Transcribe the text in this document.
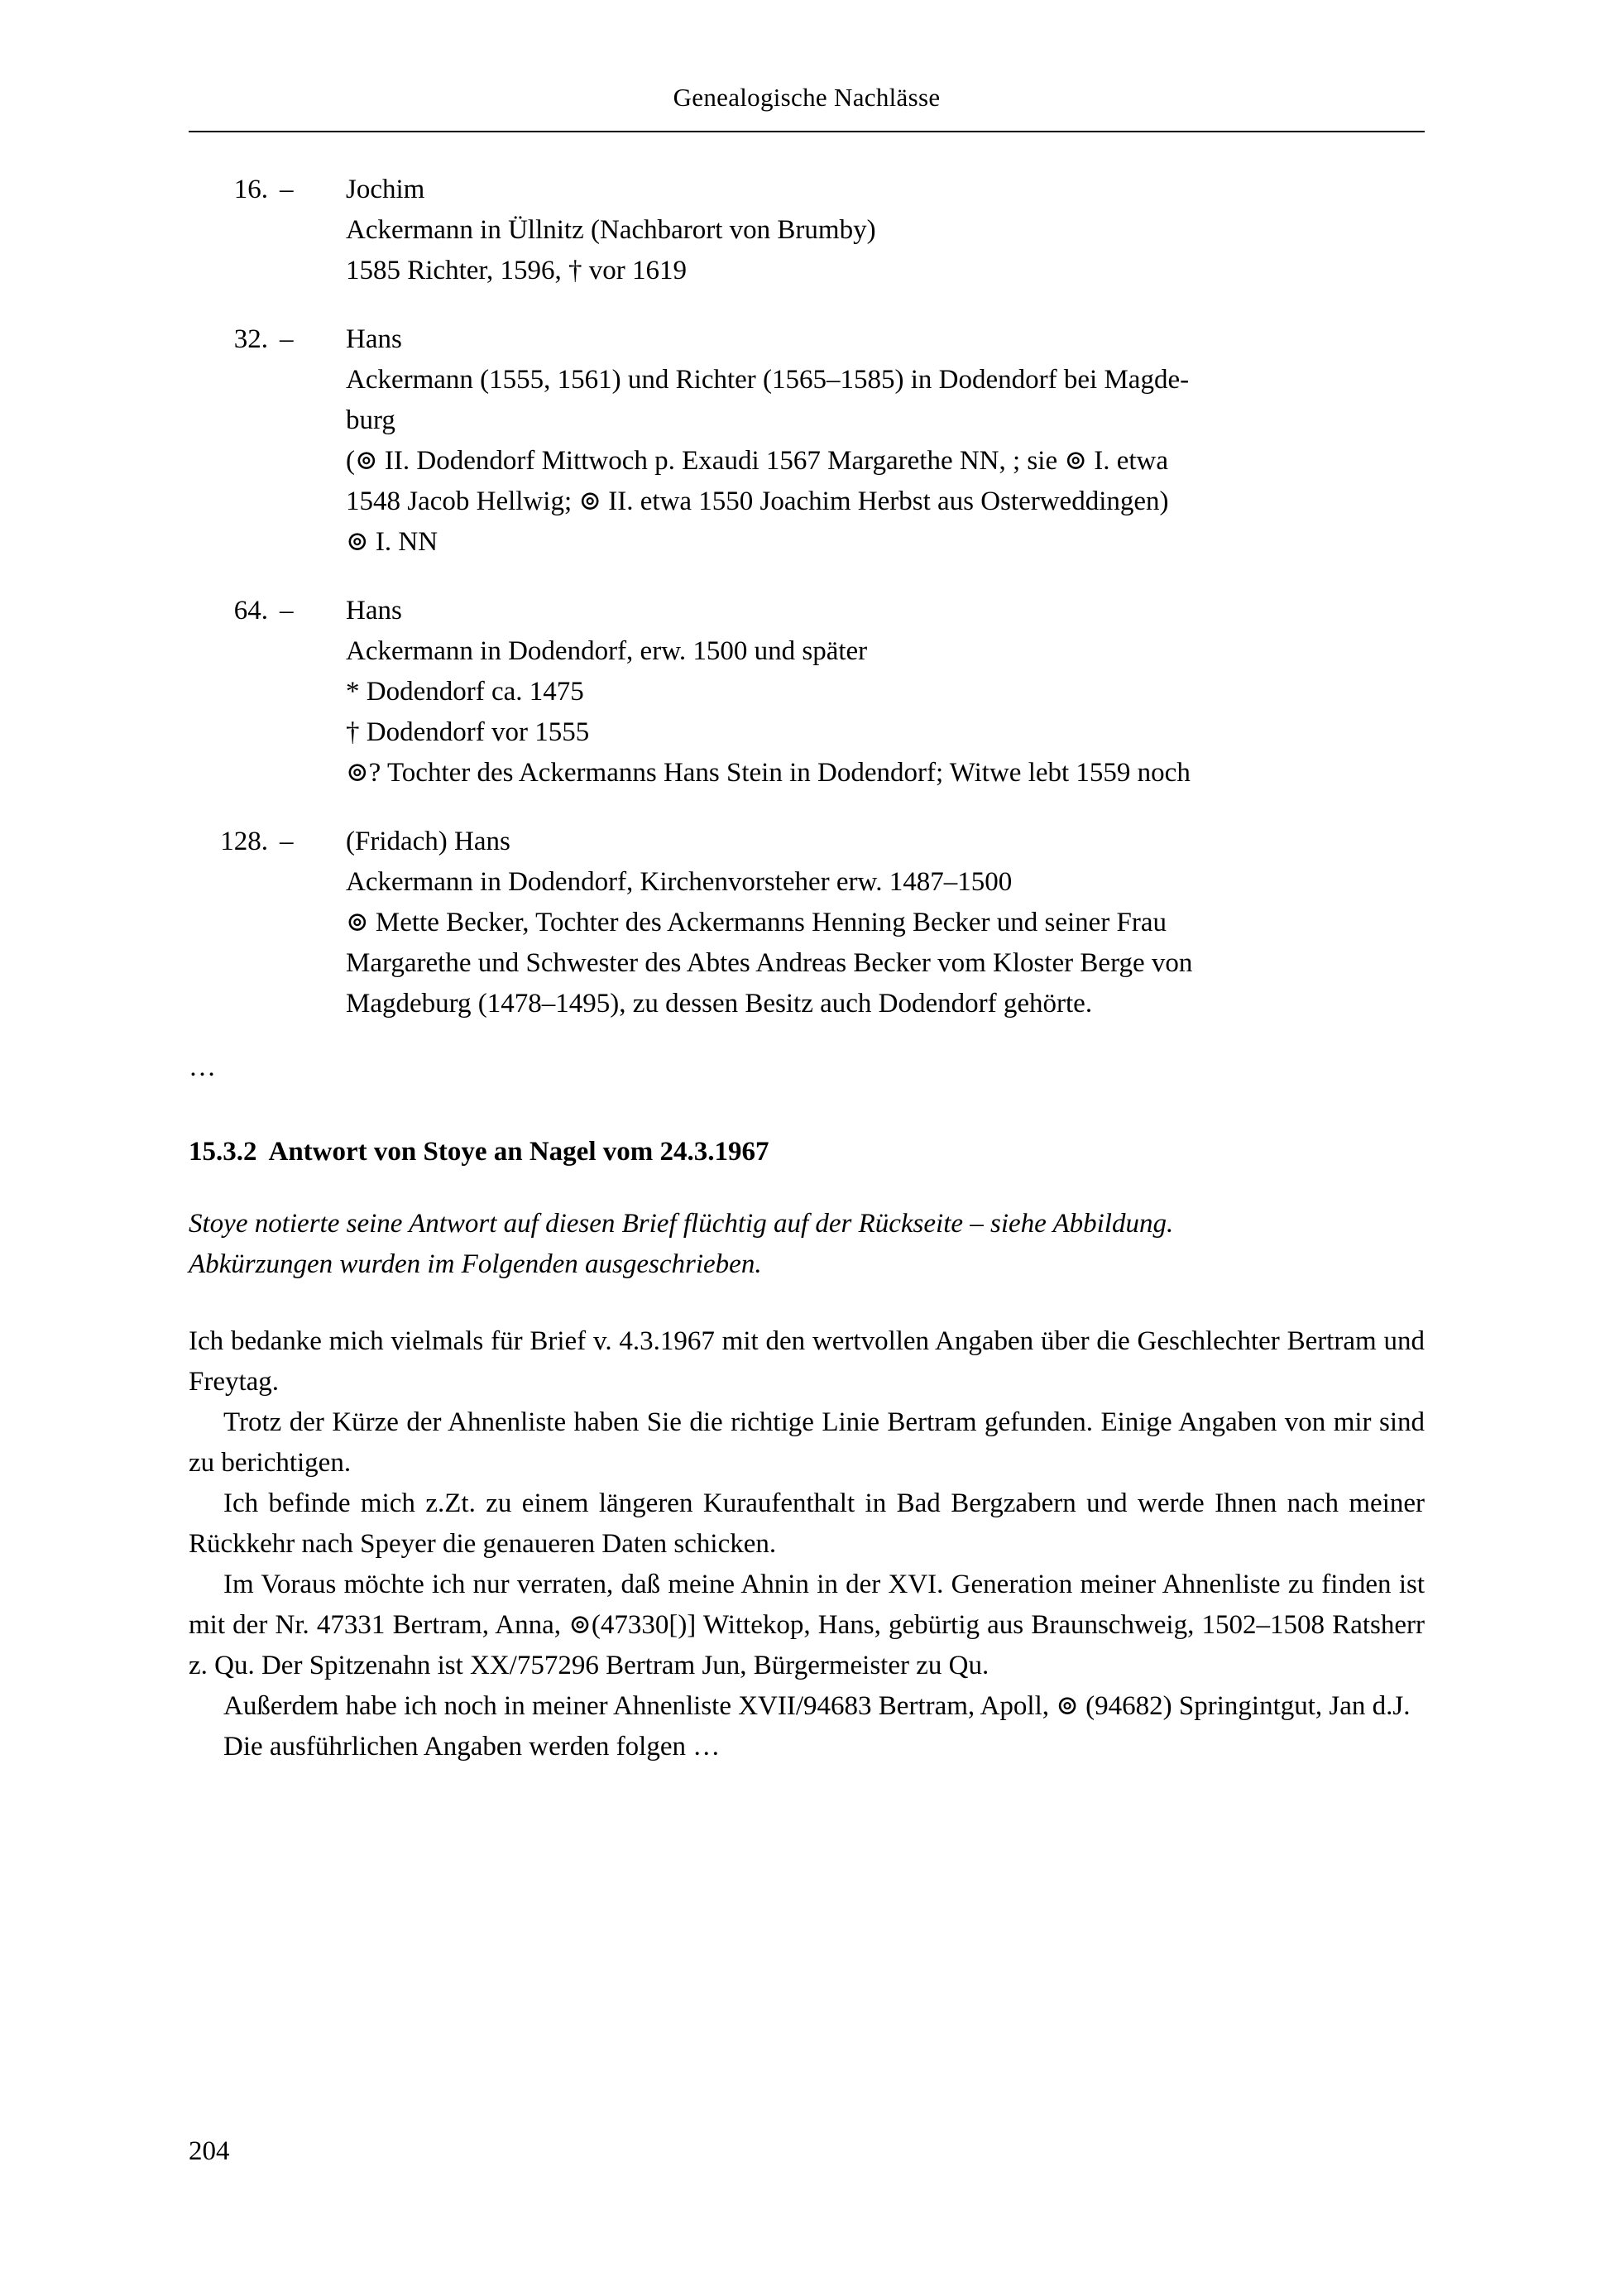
Genealogische Nachlässe
16. –	Jochim
Ackermann in Üllnitz (Nachbarort von Brumby)
1585 Richter, 1596, † vor 1619
32. –	Hans
Ackermann (1555, 1561) und Richter (1565–1585) in Dodendorf bei Magde-
burg
(⊚ II. Dodendorf Mittwoch p. Exaudi 1567 Margarethe NN, ; sie ⊚ I. etwa
1548 Jacob Hellwig; ⊚ II. etwa 1550 Joachim Herbst aus Osterweddingen)
⊚ I. NN
64. –	Hans
Ackermann in Dodendorf, erw. 1500 und später
* Dodendorf ca. 1475
† Dodendorf vor 1555
⊚? Tochter des Ackermanns Hans Stein in Dodendorf; Witwe lebt 1559 noch
128. –	(Fridach) Hans
Ackermann in Dodendorf, Kirchenvorsteher erw. 1487–1500
⊚ Mette Becker, Tochter des Ackermanns Henning Becker und seiner Frau
Margarethe und Schwester des Abtes Andreas Becker vom Kloster Berge von
Magdeburg (1478–1495), zu dessen Besitz auch Dodendorf gehörte.
…
15.3.2 Antwort von Stoye an Nagel vom 24.3.1967
Stoye notierte seine Antwort auf diesen Brief flüchtig auf der Rückseite – siehe Abbildung.
Abkürzungen wurden im Folgenden ausgeschrieben.

Ich bedanke mich vielmals für Brief v. 4.3.1967 mit den wertvollen Angaben über die Geschlechter Bertram und Freytag.

Trotz der Kürze der Ahnenliste haben Sie die richtige Linie Bertram gefunden. Einige Angaben von mir sind zu berichtigen.

Ich befinde mich z.Zt. zu einem längeren Kuraufenthalt in Bad Bergzabern und werde Ihnen nach meiner Rückkehr nach Speyer die genaueren Daten schicken.

Im Voraus möchte ich nur verraten, daß meine Ahnin in der XVI. Generation meiner Ahnenliste zu finden ist mit der Nr. 47331 Bertram, Anna, ⊚(47330[)] Wittekop, Hans, gebürtig aus Braunschweig, 1502–1508 Ratsherr z. Qu. Der Spitzenahn ist XX/757296 Bertram Jun, Bürgermeister zu Qu.

Außerdem habe ich noch in meiner Ahnenliste XVII/94683 Bertram, Apoll, ⊚ (94682) Springintgut, Jan d.J.

Die ausführlichen Angaben werden folgen …

204
